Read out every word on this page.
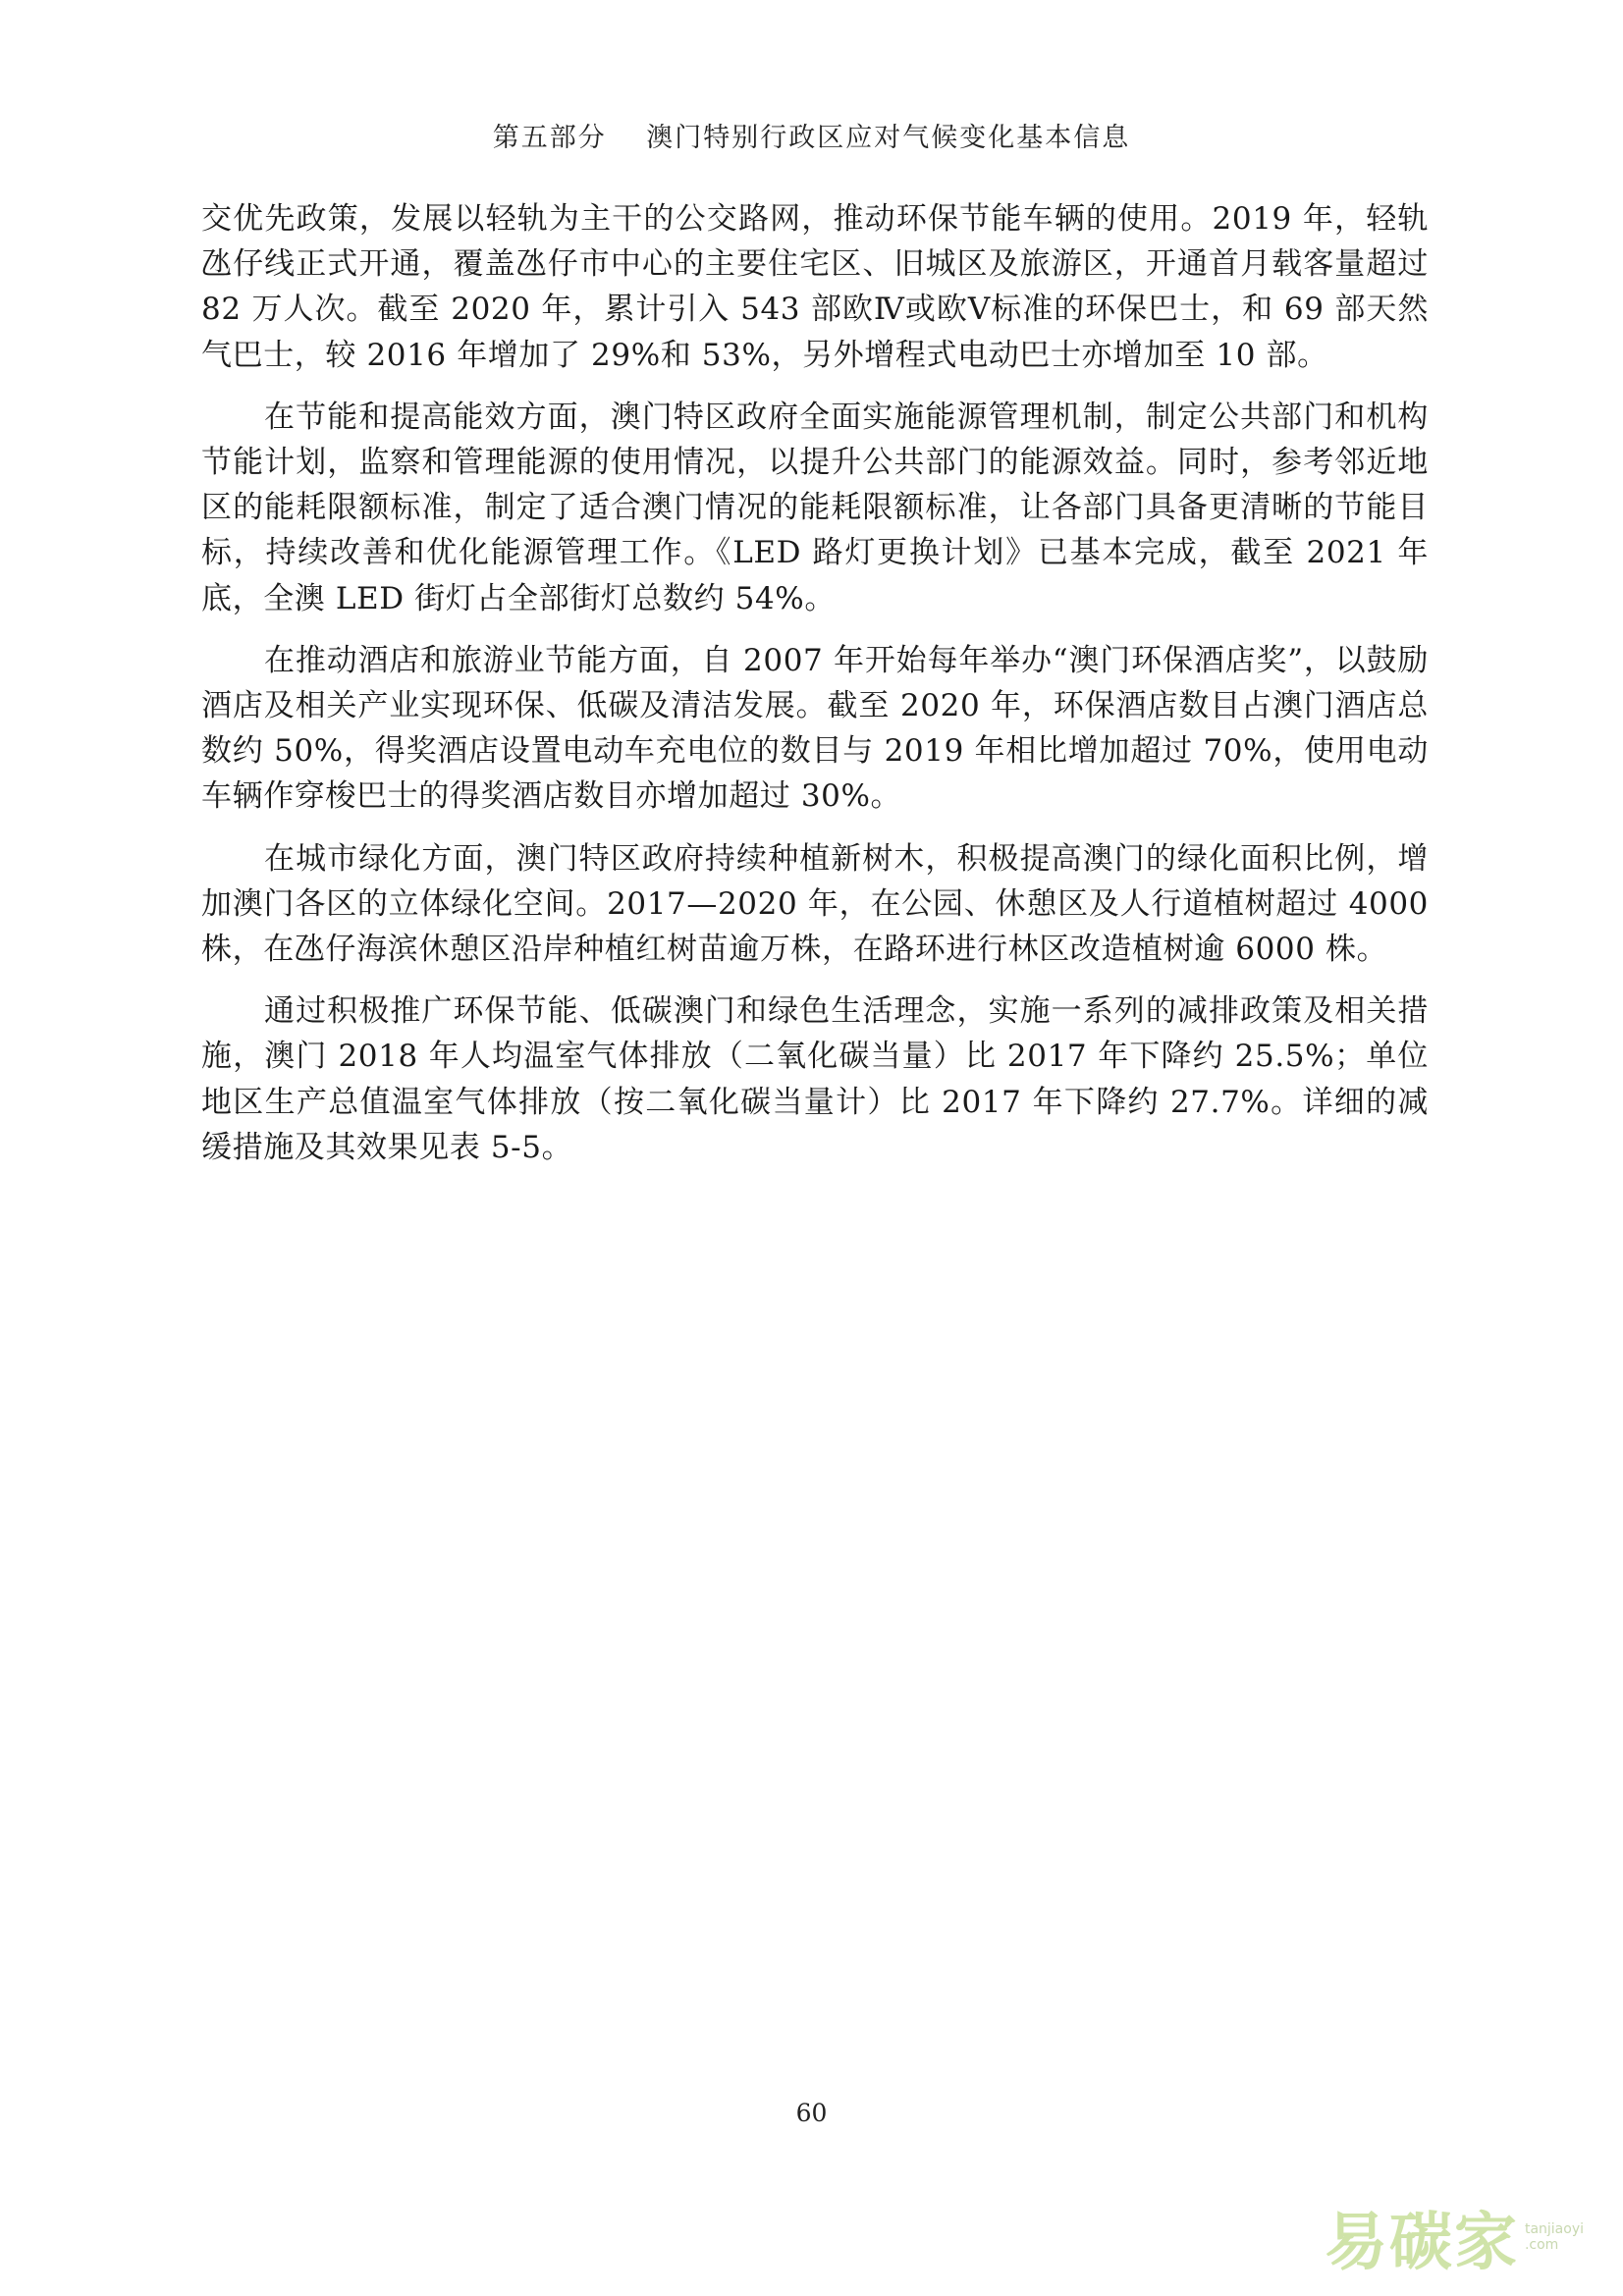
第五部分 澳门特别行政区应对气候变化基本信息

交优先政策，发展以轻轨为主干的公交路网，推动环保节能车辆的使用。2019 年，轻轨氹仔线正式开通，覆盖氹仔市中心的主要住宅区、旧城区及旅游区，开通首月载客量超过 82 万人次。截至 2020 年，累计引入 543 部欧Ⅳ或欧Ⅴ标准的环保巴士，和 69 部天然气巴士，较 2016 年增加了 29%和 53%，另外增程式电动巴士亦增加至 10 部。

在节能和提高能效方面，澳门特区政府全面实施能源管理机制，制定公共部门和机构节能计划，监察和管理能源的使用情况，以提升公共部门的能源效益。同时，参考邻近地区的能耗限额标准，制定了适合澳门情况的能耗限额标准，让各部门具备更清晰的节能目标，持续改善和优化能源管理工作。《LED 路灯更换计划》已基本完成，截至 2021 年底，全澳 LED 街灯占全部街灯总数约 54%。

在推动酒店和旅游业节能方面，自 2007 年开始每年举办“澳门环保酒店奖”，以鼓励酒店及相关产业实现环保、低碳及清洁发展。截至 2020 年，环保酒店数目占澳门酒店总数约 50%，得奖酒店设置电动车充电位的数目与 2019 年相比增加超过 70%，使用电动车辆作穿梭巴士的得奖酒店数目亦增加超过 30%。

在城市绿化方面，澳门特区政府持续种植新树木，积极提高澳门的绿化面积比例，增加澳门各区的立体绿化空间。2017—2020 年，在公园、休憩区及人行道植树超过 4000 株，在氹仔海滨休憩区沿岸种植红树苗逾万株，在路环进行林区改造植树逾 6000 株。

通过积极推广环保节能、低碳澳门和绿色生活理念，实施一系列的减排政策及相关措施，澳门 2018 年人均温室气体排放（二氧化碳当量）比 2017 年下降约 25.5%；单位地区生产总值温室气体排放（按二氧化碳当量计）比 2017 年下降约 27.7%。详细的减缓措施及其效果见表 5-5。

60
易碳家 tanjiaoyi
.com
